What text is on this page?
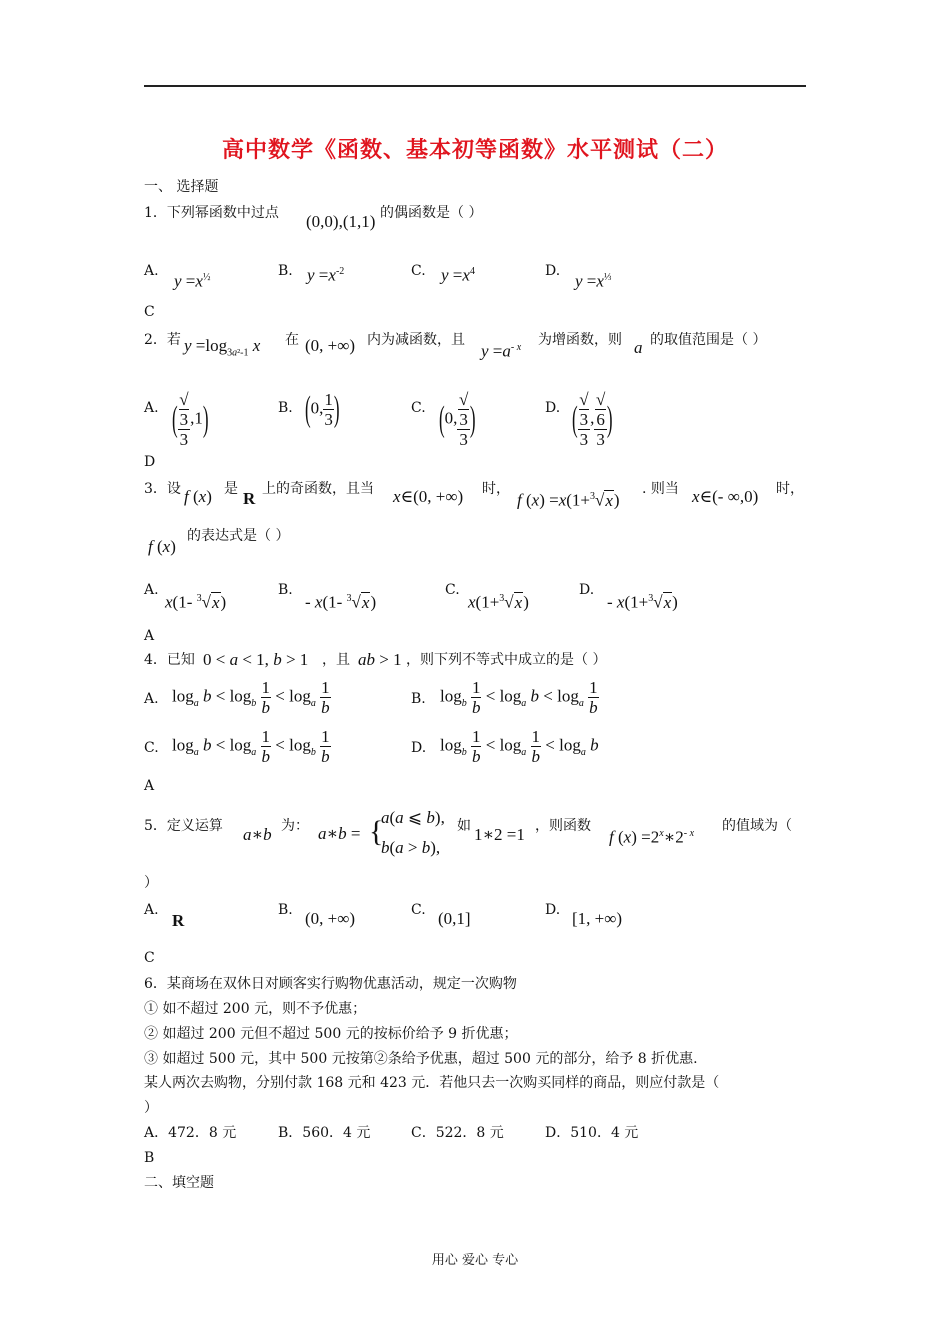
高中数学《函数、基本初等函数》水平测试（二）
一、 选择题
1．下列幂函数中过点 (0,0),(1,1) 的偶函数是（ ）
A.
$y =x^{\frac{1}{2}}$	B. $y =x^{-2}$	C. $y =x^4$	D.
$y =x^{\frac{1}{3}}$
C
2．若 $y =\log_{3a^2-1}$ x 在 (0, +∞) 内为减函数，且
$y =a^{- x}$ 为增函数，则 a 的取值范围是（ ）
A. ( √
3
3 ,1)	B. (0, $\frac{1}{3}$ )	C. (0, √
3
3 )	D. ( √
3
3 , √
6
3 )
D
3．设 f (x) 是 R 上的奇函数，且当 x∈(0, +∞) 时，
f (x) =x(1+$^3$√x)
. 则当 x∈(- ∞,0) 时，
f (x)
的表达式是（ ）
A.
x(1- $^3$√x)
B.
- x(1- $^3$√x)
C.
x(1+$^3$√x)
D.
- x(1+$^3$√x)
A
4．已知 0 < a < 1, b > 1 ，且 ab > 1 ，则下列不等式中成立的是（ ）
A. $\log_a b < \log_b \frac{1}{b} < \log_a \frac{1}{b}$	B. $\log_b \frac{1}{b} < \log_a b < \log_a \frac{1}{b}$
C. $\log_a b < \log_a \frac{1}{b} < \log_b \frac{1}{b}$	D. $\log_b \frac{1}{b} < \log_a \frac{1}{b} < \log_a b$
A
5．定义运算 a∗b 为： a∗b = {
a(a ⩽ b),
b(a > b),
如 1∗2 =1 ，则函数
f $(x) =2^x∗2^{- x}$ 的值域为（
）
A.
R
B. (0, +∞)	C. (0,1]	D. [1, +∞)
C
6．某商场在双休日对顾客实行购物优惠活动，规定一次购物
① 如不超过 200 元，则不予优惠；
② 如超过 200 元但不超过 500 元的按标价给予 9 折优惠；
③ 如超过 500 元，其中 500 元按第②条给予优惠，超过 500 元的部分，给予 8 折优惠.
某人两次去购物，分别付款 168 元和 423 元．若他只去一次购买同样的商品，则应付款是（
）
A．472．8 元	B．560．4 元	C．522．8 元	D．510．4 元
B
二、填空题
用心 爱心 专心
